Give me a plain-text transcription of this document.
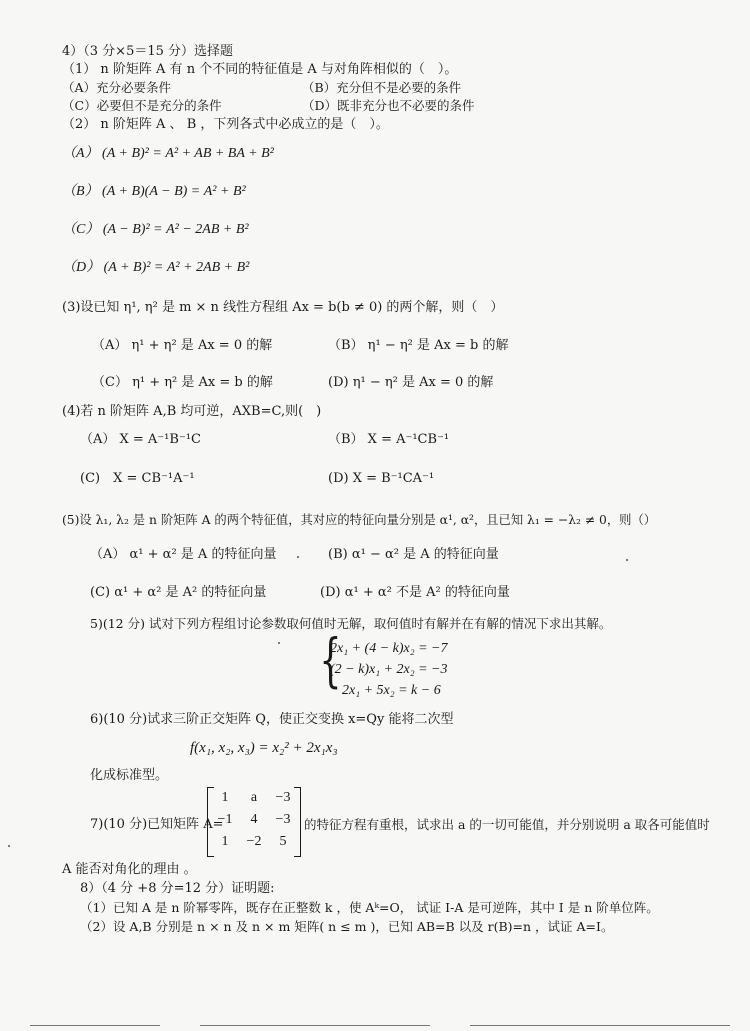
4）（3 分×5＝15 分）选择题
（1） n 阶矩阵 A 有 n 个不同的特征值是 A 与对角阵相似的（　）。
（A）充分必要条件	（B）充分但不是必要的条件
（C）必要但不是充分的条件	（D）既非充分也不必要的条件
（2） n 阶矩阵 A 、 B ，下列各式中必成立的是（　）。
（A） (A + B)² = A² + AB + BA + B²
（B） (A + B)(A − B) = A² + B²
（C） (A − B)² = A² − 2AB + B²
（D） (A + B)² = A² + 2AB + B²
(3)设已知 η¹, η² 是 m × n 线性方程组 Ax = b(b ≠ 0) 的两个解，则（　）
（A） η¹ + η² 是 Ax = 0 的解	（B） η¹ − η² 是 Ax = b 的解
（C） η¹ + η² 是 Ax = b 的解	(D) η¹ − η² 是 Ax = 0 的解
(4)若 n 阶矩阵 A,B 均可逆，AXB=C,则(　)
（A） X = A⁻¹B⁻¹C	（B） X = A⁻¹CB⁻¹
(C)　X = CB⁻¹A⁻¹	(D) X = B⁻¹CA⁻¹
(5)设 λ₁, λ₂ 是 n 阶矩阵 A 的两个特征值，其对应的特征向量分别是 α¹, α²，且已知 λ₁ = −λ₂ ≠ 0，则（）
（A） α¹ + α² 是 A 的特征向量	(B) α¹ − α² 是 A 的特征向量
(C) α¹ + α² 是 A² 的特征向量	(D) α¹ + α² 不是 A² 的特征向量
5)(12 分) 试对下列方程组讨论参数取何值时无解，取何值时有解并在有解的情况下求出其解。
{
2x₁ + (4 − k)x₂ = −7
(2 − k)x₁ + 2x₂ = −3
2x₁ + 5x₂ = k − 6
6)(10 分)试求三阶正交矩阵 Q，使正交变换 x=Qy 能将二次型
f(x₁, x₂, x₃) = x₂² + 2x₁x₃
化成标准型。
7)(10 分)已知矩阵 A=
1	a	−3
−1	4	−3
1	−2	5
的特征方程有重根，试求出 a 的一切可能值，并分别说明 a 取各可能值时
A 能否对角化的理由 。
8）（4 分 +8 分=12 分）证明题:
（1）已知 A 是 n 阶幂零阵，既存在正整数 k ，使 Aᵏ=O， 试证 I-A 是可逆阵，其中 I 是 n 阶单位阵。
（2）设 A,B 分别是 n × n 及 n × m 矩阵( n ≤ m )，已知 AB=B 以及 r(B)=n ，试证 A=I。
